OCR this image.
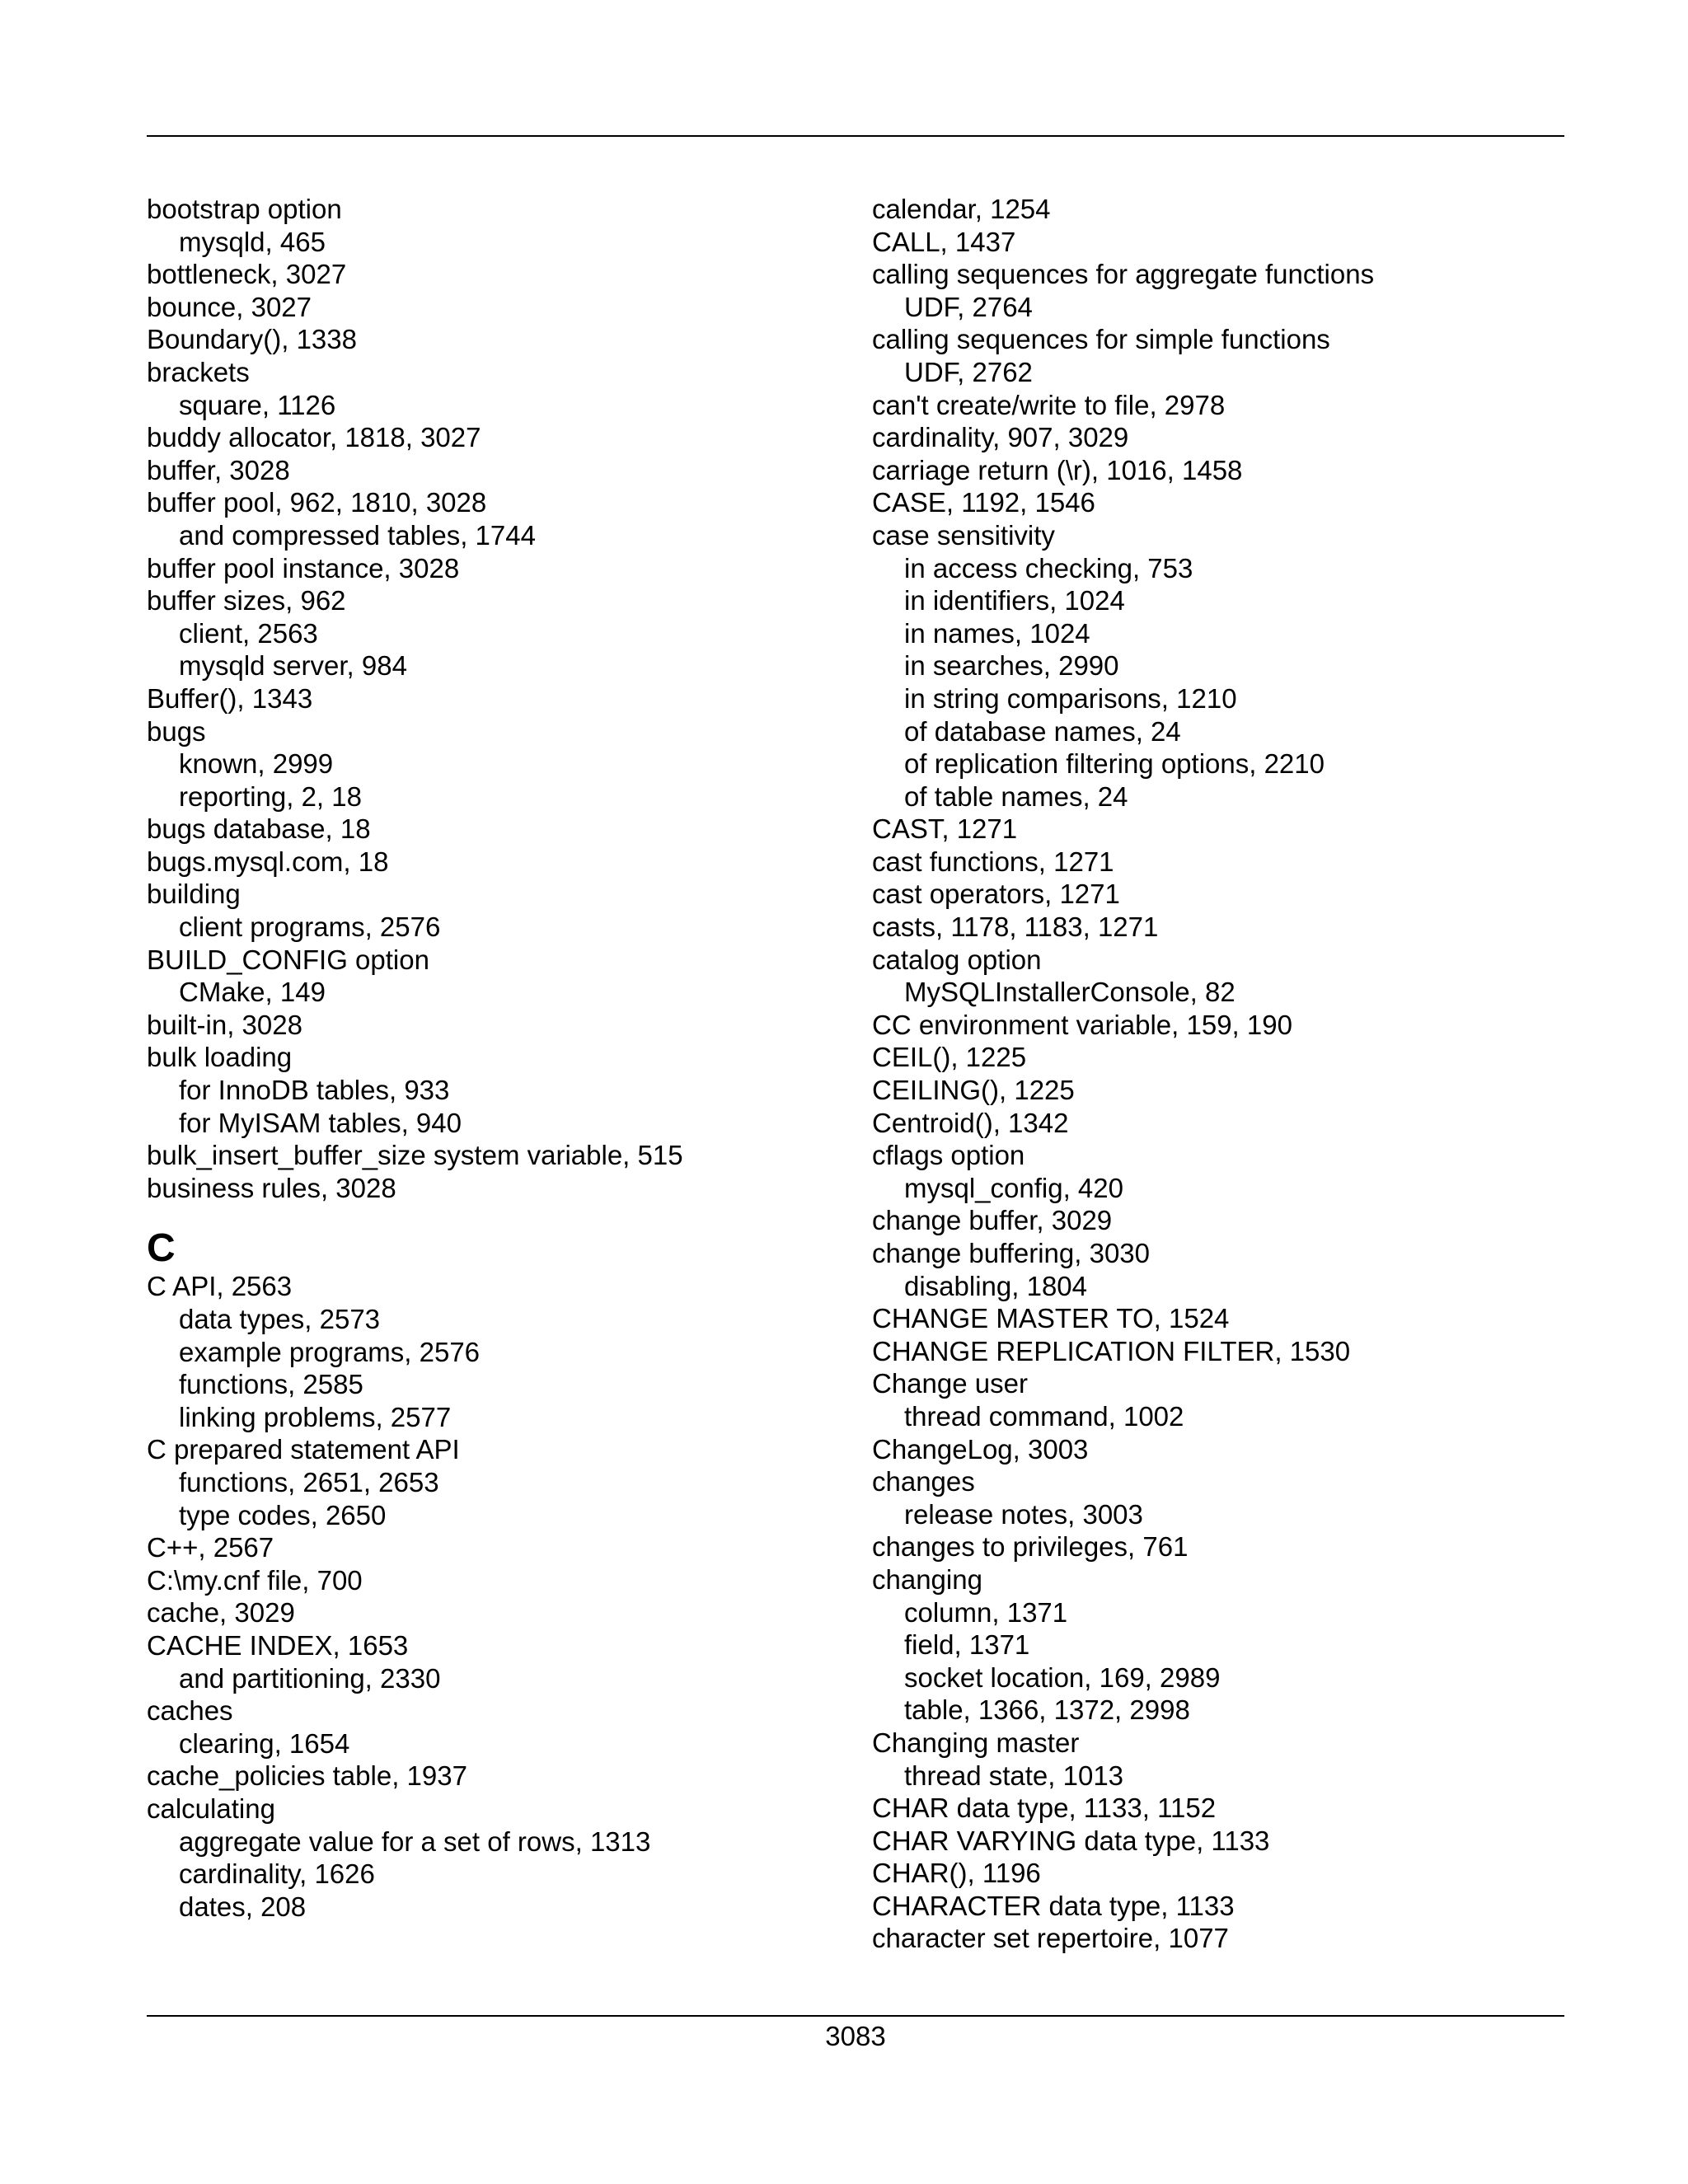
bootstrap option
mysqld, 465
bottleneck, 3027
bounce, 3027
Boundary(), 1338
brackets
square, 1126
buddy allocator, 1818, 3027
buffer, 3028
buffer pool, 962, 1810, 3028
and compressed tables, 1744
buffer pool instance, 3028
buffer sizes, 962
client, 2563
mysqld server, 984
Buffer(), 1343
bugs
known, 2999
reporting, 2, 18
bugs database, 18
bugs.mysql.com, 18
building
client programs, 2576
BUILD_CONFIG option
CMake, 149
built-in, 3028
bulk loading
for InnoDB tables, 933
for MyISAM tables, 940
bulk_insert_buffer_size system variable, 515
business rules, 3028
C
C API, 2563
data types, 2573
example programs, 2576
functions, 2585
linking problems, 2577
C prepared statement API
functions, 2651, 2653
type codes, 2650
C++, 2567
C:\my.cnf file, 700
cache, 3029
CACHE INDEX, 1653
and partitioning, 2330
caches
clearing, 1654
cache_policies table, 1937
calculating
aggregate value for a set of rows, 1313
cardinality, 1626
dates, 208
calendar, 1254
CALL, 1437
calling sequences for aggregate functions
UDF, 2764
calling sequences for simple functions
UDF, 2762
can't create/write to file, 2978
cardinality, 907, 3029
carriage return (\r), 1016, 1458
CASE, 1192, 1546
case sensitivity
in access checking, 753
in identifiers, 1024
in names, 1024
in searches, 2990
in string comparisons, 1210
of database names, 24
of replication filtering options, 2210
of table names, 24
CAST, 1271
cast functions, 1271
cast operators, 1271
casts, 1178, 1183, 1271
catalog option
MySQLInstallerConsole, 82
CC environment variable, 159, 190
CEIL(), 1225
CEILING(), 1225
Centroid(), 1342
cflags option
mysql_config, 420
change buffer, 3029
change buffering, 3030
disabling, 1804
CHANGE MASTER TO, 1524
CHANGE REPLICATION FILTER, 1530
Change user
thread command, 1002
ChangeLog, 3003
changes
release notes, 3003
changes to privileges, 761
changing
column, 1371
field, 1371
socket location, 169, 2989
table, 1366, 1372, 2998
Changing master
thread state, 1013
CHAR data type, 1133, 1152
CHAR VARYING data type, 1133
CHAR(), 1196
CHARACTER data type, 1133
character set repertoire, 1077
3083
